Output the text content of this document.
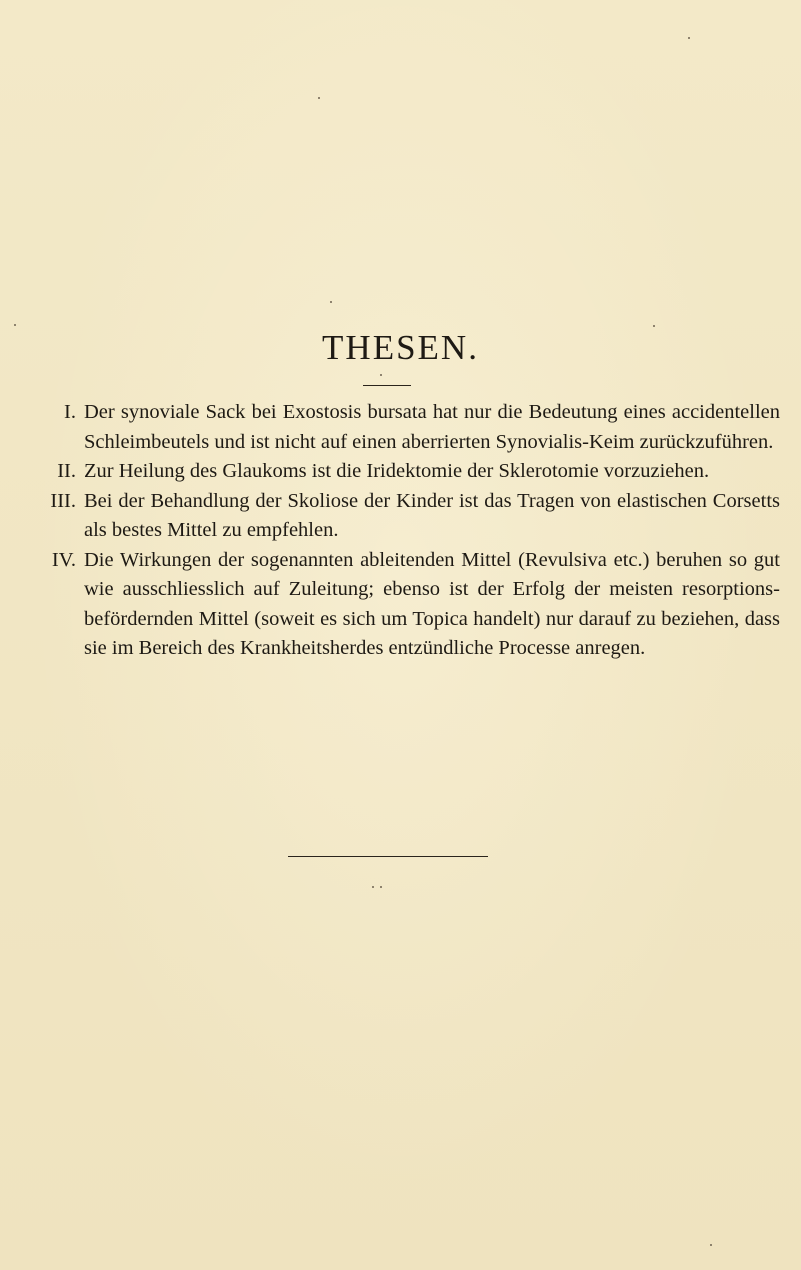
THESEN.
I. Der synoviale Sack bei Exostosis bursata hat nur die Bedeutung eines accidentellen Schleimbeutels und ist nicht auf einen aberrierten Synovialis-Keim zurückzuführen.
II. Zur Heilung des Glaukoms ist die Iridektomie der Sklerotomie vorzuziehen.
III. Bei der Behandlung der Skoliose der Kinder ist das Tragen von elastischen Corsetts als bestes Mittel zu empfehlen.
IV. Die Wirkungen der sogenannten ableitenden Mittel (Revulsiva etc.) beruhen so gut wie ausschliesslich auf Zuleitung; ebenso ist der Erfolg der meisten resorptions-befördernden Mittel (soweit es sich um Topica handelt) nur darauf zu beziehen, dass sie im Bereich des Krankheitsherdes entzündliche Processe anregen.
